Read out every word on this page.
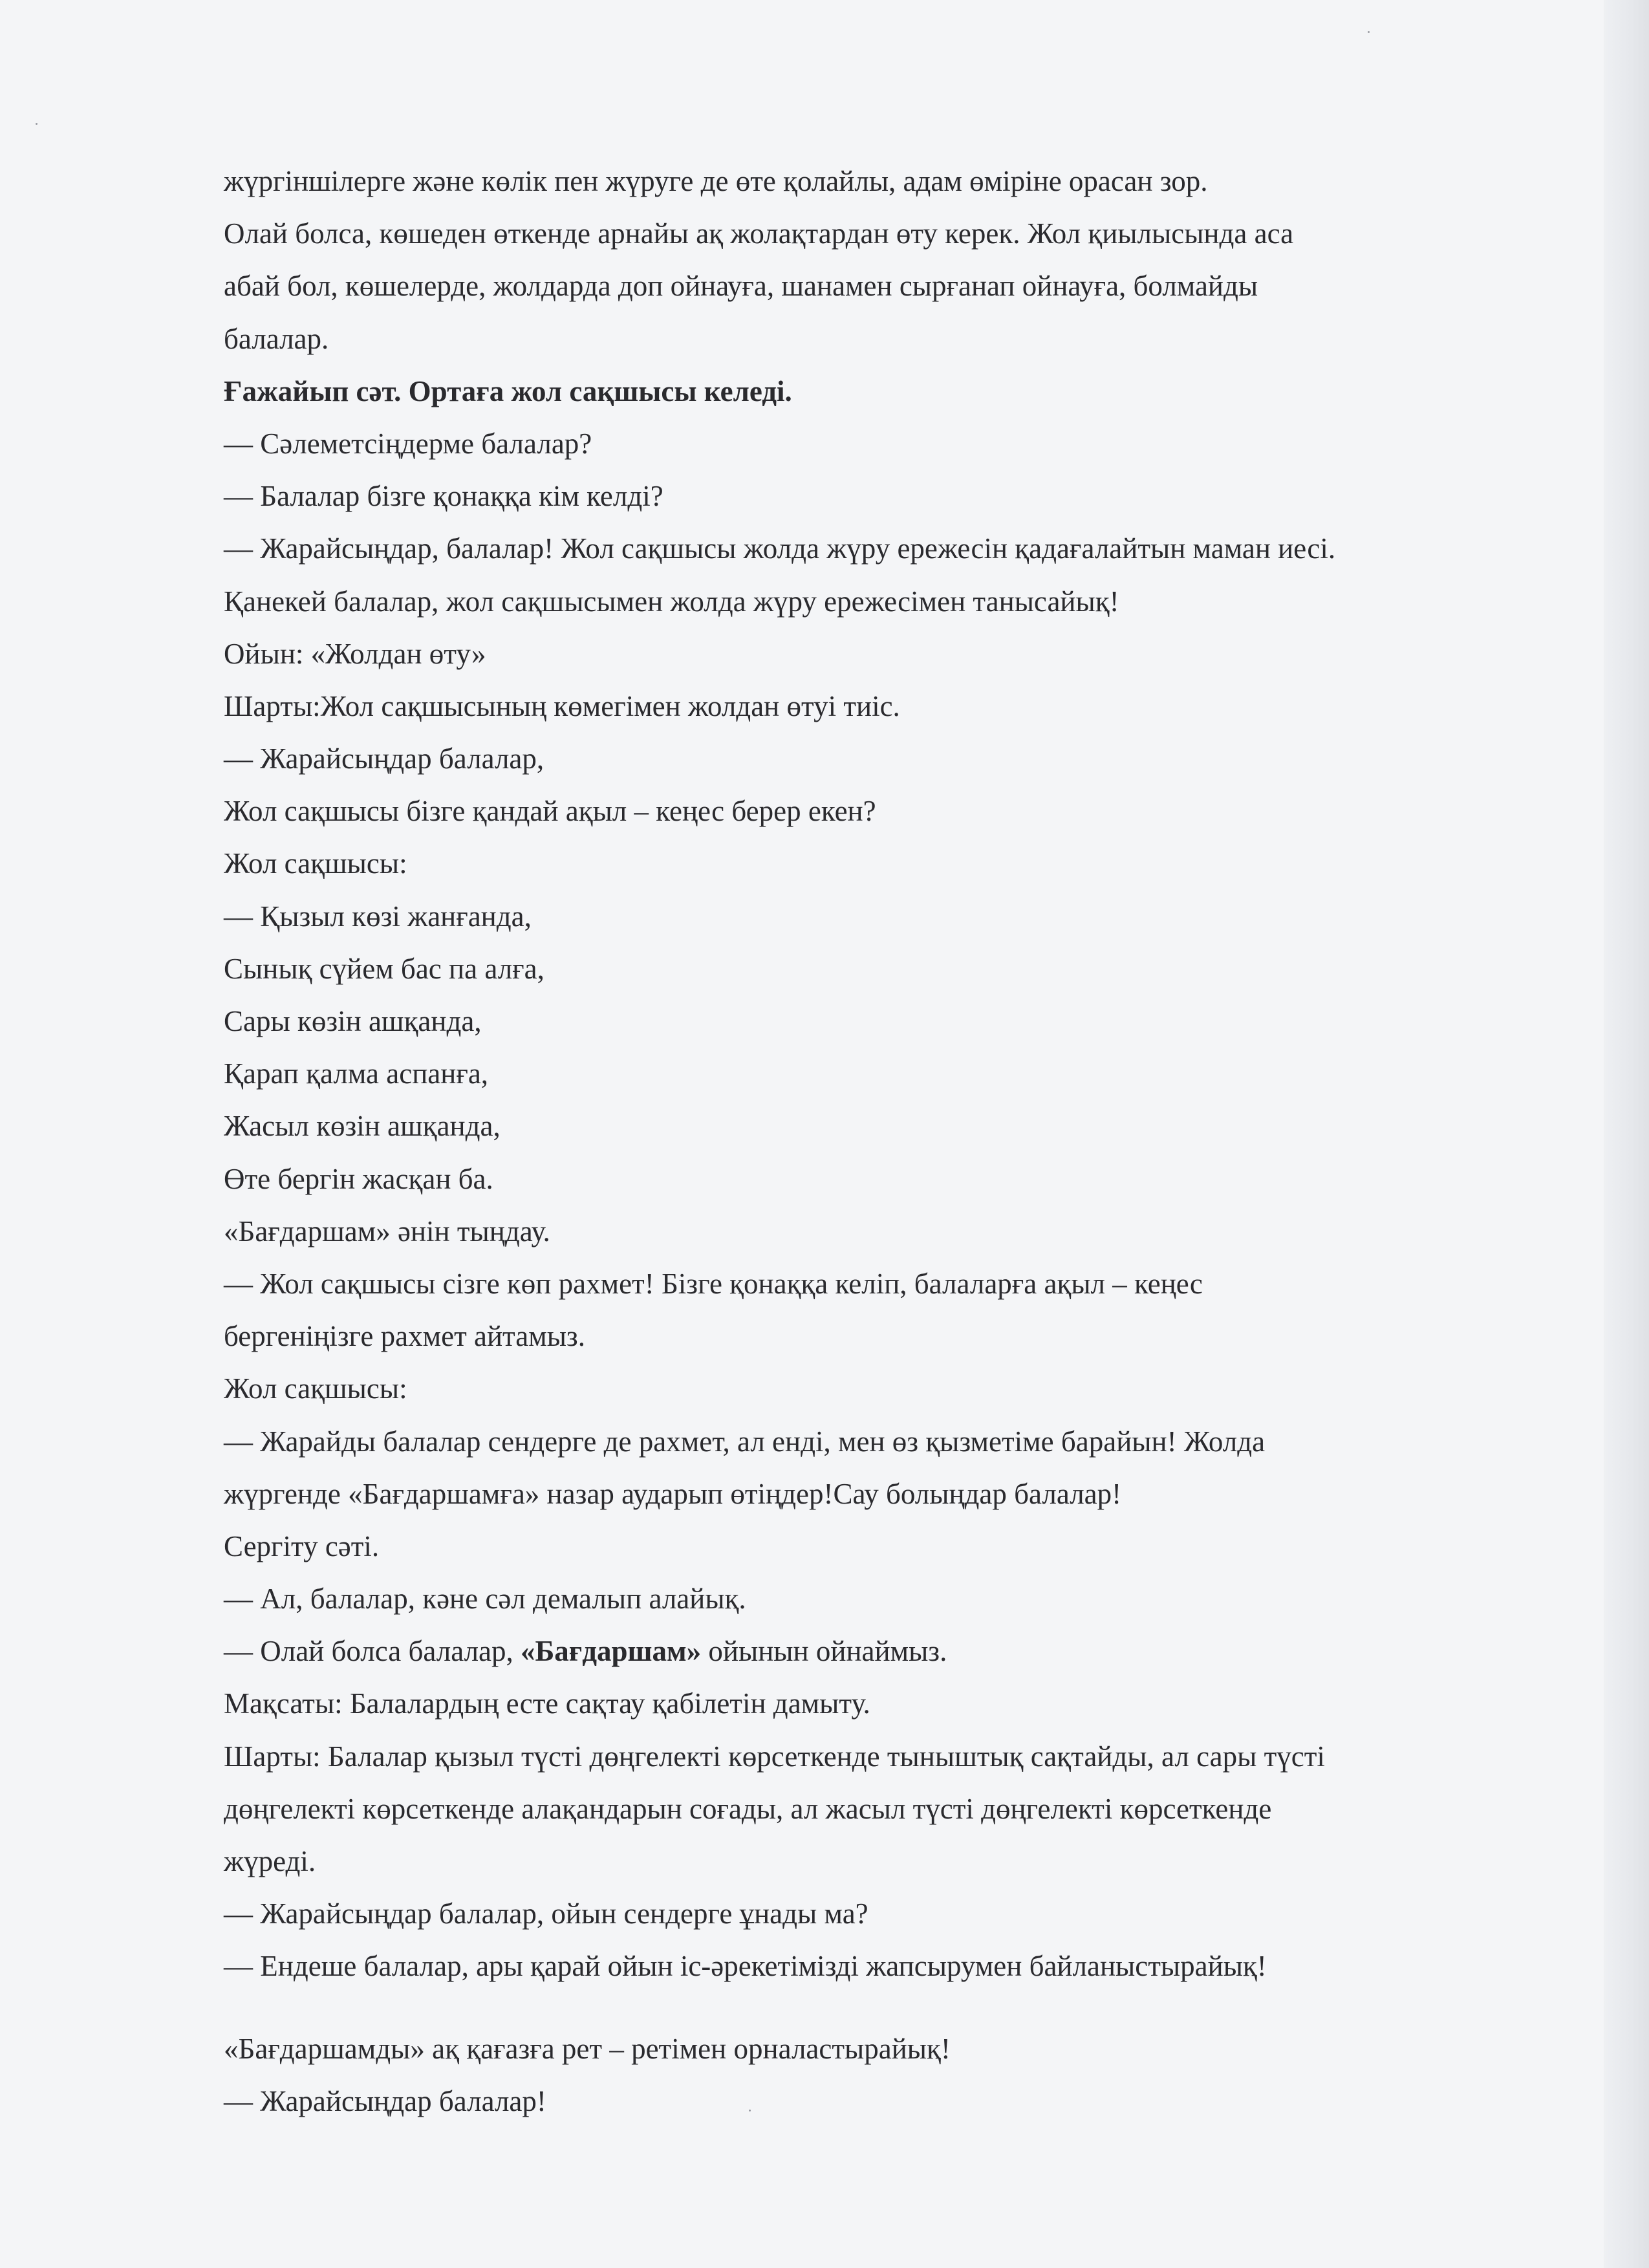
жүргіншілерге және көлік пен жүруге де өте қолайлы, адам өміріне орасан зор.
Олай болса, көшеден өткенде арнайы ақ жолақтардан өту керек. Жол қиылысында аса
абай бол, көшелерде, жолдарда доп ойнауға, шанамен сырғанап ойнауға, болмайды
балалар.
Ғажайып сәт. Ортаға жол сақшысы келеді.
— Сәлеметсіңдерме балалар?
— Балалар бізге қонаққа кім келді?
— Жарайсыңдар, балалар! Жол сақшысы жолда жүру ережесін қадағалайтын маман иесі.
Қанекей балалар, жол сақшысымен жолда жүру ережесімен танысайық!
Ойын: «Жолдан өту»
Шарты:Жол сақшысының көмегімен жолдан өтуі тиіс.
— Жарайсыңдар балалар,
Жол сақшысы бізге қандай ақыл – кеңес берер екен?
Жол сақшысы:
— Қызыл көзі жанғанда,
Сынық сүйем бас па алға,
Сары көзін ашқанда,
Қарап қалма аспанға,
Жасыл көзін ашқанда,
Өте бергін жасқан ба.
«Бағдаршам» әнін тыңдау.
— Жол сақшысы сізге көп рахмет! Бізге қонаққа келіп, балаларға ақыл – кеңес
бергеніңізге рахмет айтамыз.
Жол сақшысы:
— Жарайды балалар сендерге де рахмет, ал енді, мен өз қызметіме барайын! Жолда
жүргенде «Бағдаршамға» назар аударып өтіңдер!Сау болыңдар балалар!
Сергіту сәті.
— Ал, балалар, кәне сәл демалып алайық.
— Олай болса балалар, «Бағдаршам» ойынын ойнаймыз.
Мақсаты: Балалардың есте сақтау қабілетін дамыту.
Шарты: Балалар қызыл түсті дөңгелекті көрсеткенде тыныштық сақтайды, ал сары түсті
дөңгелекті көрсеткенде алақандарын соғады, ал жасыл түсті дөңгелекті көрсеткенде
жүреді.
— Жарайсыңдар балалар, ойын сендерге ұнады ма?
— Ендеше балалар, ары қарай ойын іс-әрекетімізді жапсырумен байланыстырайық!
«Бағдаршамды» ақ қағазға рет – ретімен орналастырайық!
— Жарайсыңдар балалар!
